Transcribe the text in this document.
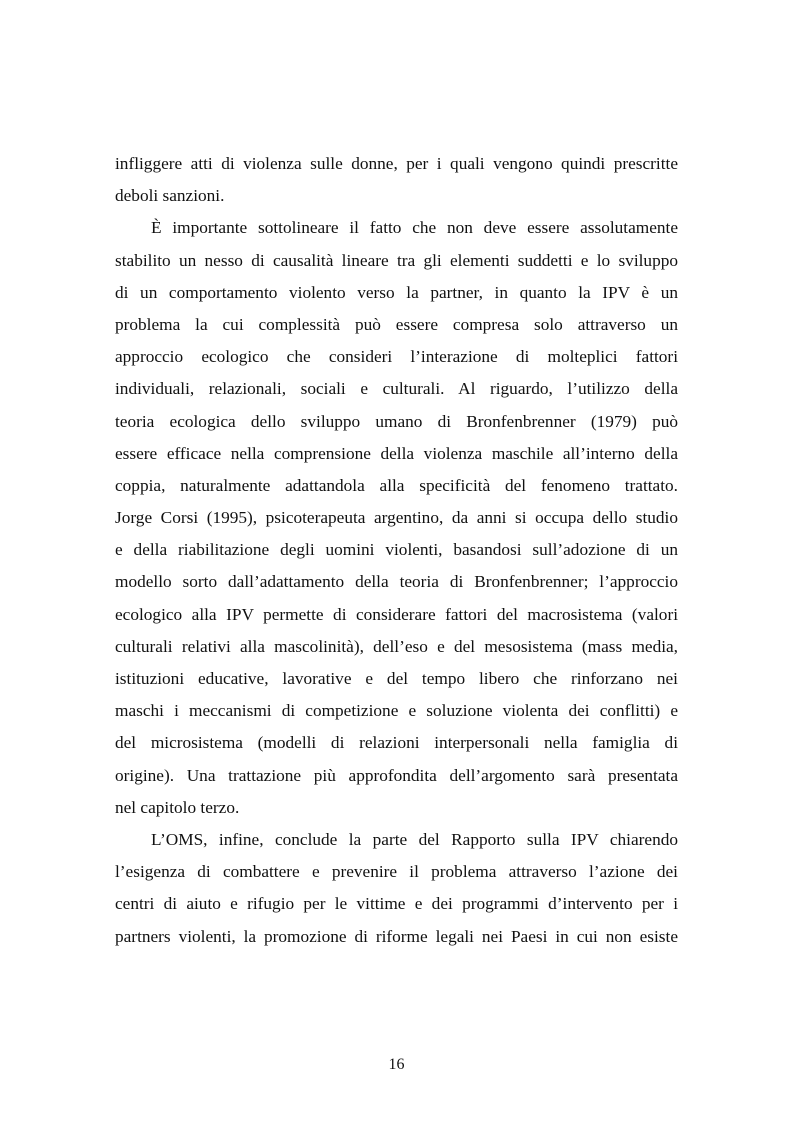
infliggere atti di violenza sulle donne, per i quali vengono quindi prescritte
deboli sanzioni.
È importante sottolineare il fatto che non deve essere assolutamente
stabilito un nesso di causalità lineare tra gli elementi suddetti e lo sviluppo
di un comportamento violento verso la partner, in quanto la IPV è un
problema la cui complessità può essere compresa solo attraverso un
approccio ecologico che consideri l’interazione di molteplici fattori
individuali, relazionali, sociali e culturali. Al riguardo, l’utilizzo della
teoria ecologica dello sviluppo umano di Bronfenbrenner (1979) può
essere efficace nella comprensione della violenza maschile all’interno della
coppia, naturalmente adattandola alla specificità del fenomeno trattato.
Jorge Corsi (1995), psicoterapeuta argentino, da anni si occupa dello studio
e della riabilitazione degli uomini violenti, basandosi sull’adozione di un
modello sorto dall’adattamento della teoria di Bronfenbrenner; l’approccio
ecologico alla IPV permette di considerare fattori del macrosistema (valori
culturali relativi alla mascolinità), dell’eso e del mesosistema (mass media,
istituzioni educative, lavorative e del tempo libero che rinforzano nei
maschi i meccanismi di competizione e soluzione violenta dei conflitti) e
del microsistema (modelli di relazioni interpersonali nella famiglia di
origine). Una trattazione più approfondita dell’argomento sarà presentata
nel capitolo terzo.
L’OMS, infine, conclude la parte del Rapporto sulla IPV chiarendo
l’esigenza di combattere e prevenire il problema attraverso l’azione dei
centri di aiuto e rifugio per le vittime e dei programmi d’intervento per i
partners violenti, la promozione di riforme legali nei Paesi in cui non esiste
16
